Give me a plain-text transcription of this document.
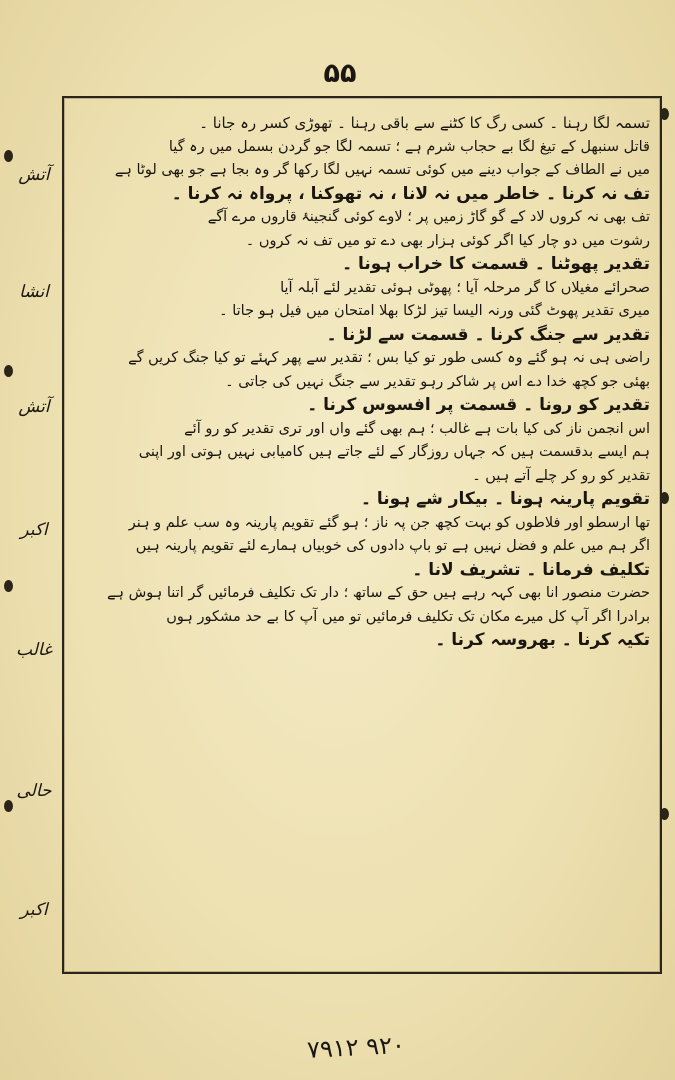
۵۵
آتش
انشا
آتش
اکبر
غالب
حالی
اکبر
تسمہ لگا رہنا ۔ کسی رگ کا کٹنے سے باقی رہنا ۔ تھوڑی کسر رہ جانا ۔
قاتل سنبھل کے تیغ لگا بے حجاب شرم ہے ؛ تسمہ لگا جو گردن بسمل میں رہ گیا
میں نے الطاف کے جواب دینے میں کوئی تسمہ نہیں لگا رکھا گر وہ بجا ہے جو بھی لوٹا ہے
تف نہ کرنا ۔ خاطر میں نہ لانا ، نہ تھوکنا ، پرواہ نہ کرنا ۔
تف بھی نہ کروں لاد کے گو گاڑ زمیں پر ؛ لاوے کوئی گنجینۂ قاروں مرے آگے
رشوت میں دو چار کیا اگر کوئی ہزار بھی دے تو میں تف نہ کروں ۔
تقدیر پھوٹنا ۔ قسمت کا خراب ہونا ۔
صحرائے مغیلاں کا گر مرحلہ آیا ؛ پھوٹی ہوئی تقدیر لئے آبلہ آیا
میری تقدیر پھوٹ گئی ورنہ الیسا تیز لڑکا بھلا امتحان میں فیل ہو جاتا ۔
تقدیر سے جنگ کرنا ۔ قسمت سے لڑنا ۔
راضی ہی نہ ہو گئے وہ کسی طور تو کیا بس ؛ تقدیر سے پھر کہئے تو کیا جنگ کریں گے
بھئی جو کچھ خدا دے اس پر شاکر رہو تقدیر سے جنگ نہیں کی جاتی ۔
تقدیر کو رونا ۔ قسمت پر افسوس کرنا ۔
اس انجمن ناز کی کیا بات ہے غالب ؛ ہم بھی گئے واں اور تری تقدیر کو رو آئے
ہم ایسے بدقسمت ہیں کہ جہاں روزگار کے لئے جاتے ہیں کامیابی نہیں ہوتی اور اپنی
تقدیر کو رو کر چلے آتے ہیں ۔
تقویم پارینہ ہونا ۔ بیکار شے ہونا ۔
تھا ارسطو اور فلاطوں کو بہت کچھ جن پہ ناز ؛ ہو گئے تقویم پارینہ وہ سب علم و ہنر
اگر ہم میں علم و فضل نہیں ہے تو باپ دادوں کی خوبیاں ہمارے لئے تقویم پارینہ ہیں
تکلیف فرمانا ۔ تشریف لانا ۔
حضرت منصور انا بھی کہہ رہے ہیں حق کے ساتھ ؛ دار تک تکلیف فرمائیں گر اتنا ہوش ہے
برادرا اگر آپ کل میرے مکان تک تکلیف فرمائیں تو میں آپ کا بے حد مشکور ہوں
تکیہ کرنا ۔ بھروسہ کرنا ۔
۹۲۰ ۷۹۱۲
